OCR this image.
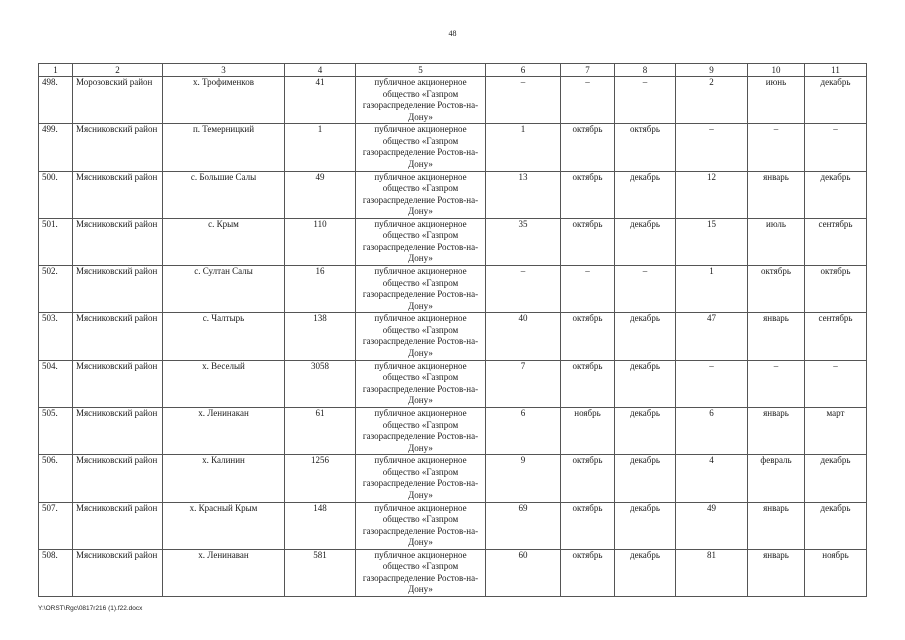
48
1	2	3	4	5	6	7	8	9	10	11
498.	Морозовский район	х. Трофименков	41	публичное акционерное общество «Газпром газораспределение Ростов-на-Дону»	–	–	–	2	июнь	декабрь
499.	Мясниковский район	п. Темерницкий	1	публичное акционерное общество «Газпром газораспределение Ростов-на-Дону»	1	октябрь	октябрь	–	–	–
500.	Мясниковский район	с. Большие Салы	49	публичное акционерное общество «Газпром газораспределение Ростов-на-Дону»	13	октябрь	декабрь	12	январь	декабрь
501.	Мясниковский район	с. Крым	110	публичное акционерное общество «Газпром газораспределение Ростов-на-Дону»	35	октябрь	декабрь	15	июль	сентябрь
502.	Мясниковский район	с. Султан Салы	16	публичное акционерное общество «Газпром газораспределение Ростов-на-Дону»	–	–	–	1	октябрь	октябрь
503.	Мясниковский район	с. Чалтырь	138	публичное акционерное общество «Газпром газораспределение Ростов-на-Дону»	40	октябрь	декабрь	47	январь	сентябрь
504.	Мясниковский район	х. Веселый	3058	публичное акционерное общество «Газпром газораспределение Ростов-на-Дону»	7	октябрь	декабрь	–	–	–
505.	Мясниковский район	х. Ленинакан	61	публичное акционерное общество «Газпром газораспределение Ростов-на-Дону»	6	ноябрь	декабрь	6	январь	март
506.	Мясниковский район	х. Калинин	1256	публичное акционерное общество «Газпром газораспределение Ростов-на-Дону»	9	октябрь	декабрь	4	февраль	декабрь
507.	Мясниковский район	х. Красный Крым	148	публичное акционерное общество «Газпром газораспределение Ростов-на-Дону»	69	октябрь	декабрь	49	январь	декабрь
508.	Мясниковский район	х. Ленинаван	581	публичное акционерное общество «Газпром газораспределение Ростов-на-Дону»	60	октябрь	декабрь	81	январь	ноябрь
Y:\ORST\Rgc\0817r216 (1).f22.docx
